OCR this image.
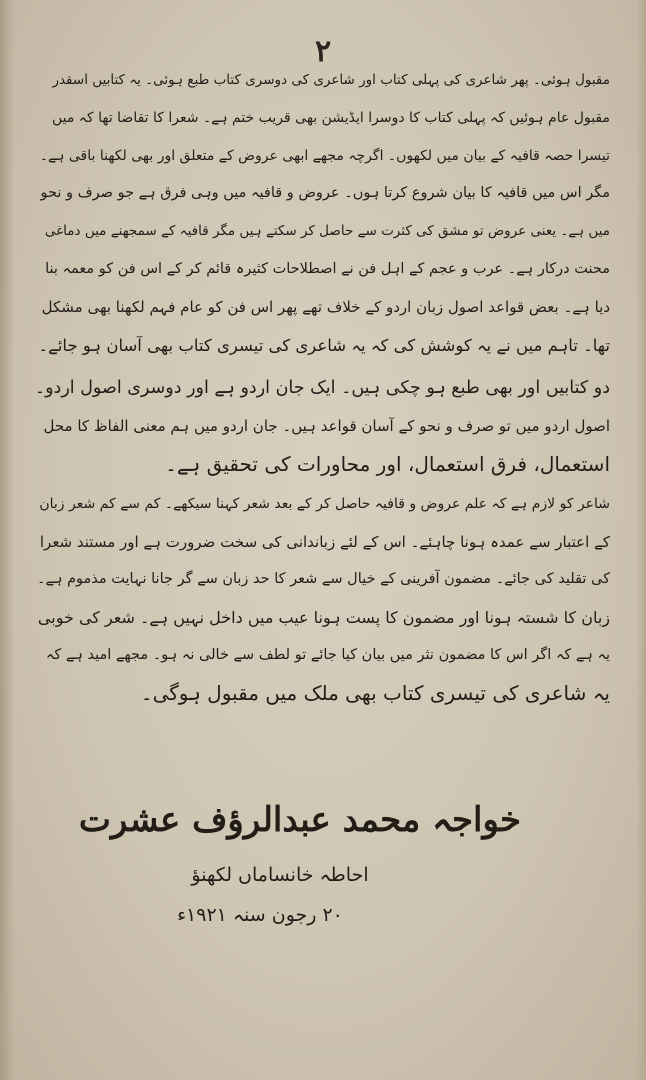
۲
مقبول ہوئی۔ پھر شاعری کی پہلی کتاب اور شاعری کی دوسری کتاب طبع ہوئی۔ یہ کتابیں اسقدر
مقبول عام ہوئیں کہ پہلی کتاب کا دوسرا ایڈیشن بھی قریب ختم ہے۔ شعرا کا تقاضا تھا کہ میں
تیسرا حصہ قافیہ کے بیان میں لکھوں۔ اگرچہ مجھے ابھی عروض کے متعلق اور بھی لکھنا باقی ہے۔
مگر اس میں قافیہ کا بیان شروع کرتا ہوں۔ عروض و قافیہ میں وہی فرق ہے جو صرف و نحو
میں ہے۔ یعنی عروض تو مشق کی کثرت سے حاصل کر سکتے ہیں مگر قافیہ کے سمجھنے میں دماغی
محنت درکار ہے۔ عرب و عجم کے اہل فن نے اصطلاحات کثیرہ قائم کر کے اس فن کو معمہ بنا
دیا ہے۔ بعض قواعد اصول زبان اردو کے خلاف تھے پھر اس فن کو عام فہم لکھنا بھی مشکل
تھا۔ تاہم میں نے یہ کوشش کی کہ یہ شاعری کی تیسری کتاب بھی آسان ہو جائے۔
دو کتابیں اور بھی طبع ہو چکی ہیں۔ ایک جان اردو ہے اور دوسری اصول اردو۔
اصول اردو میں تو صرف و نحو کے آسان قواعد ہیں۔ جان اردو میں ہم معنی الفاظ کا محل
استعمال، فرق استعمال، اور محاورات کی تحقیق ہے۔
شاعر کو لازم ہے کہ علم عروض و قافیہ حاصل کر کے بعد شعر کہنا سیکھے۔ کم سے کم شعر زبان
کے اعتبار سے عمدہ ہونا چاہئے۔ اس کے لئے زباندانی کی سخت ضرورت ہے اور مستند شعرا
کی تقلید کی جائے۔ مضمون آفرینی کے خیال سے شعر کا حد زبان سے گر جانا نہایت مذموم ہے۔
زبان کا شستہ ہونا اور مضمون کا پست ہونا عیب میں داخل نہیں ہے۔ شعر کی خوبی
یہ ہے کہ اگر اس کا مضمون نثر میں بیان کیا جائے تو لطف سے خالی نہ ہو۔ مجھے امید ہے کہ
یہ شاعری کی تیسری کتاب بھی ملک میں مقبول ہوگی۔
خواجہ محمد عبدالرؤف عشرت
احاطہ خانساماں لکھنؤ
۲۰ رجون سنہ ۱۹۲۱ء
